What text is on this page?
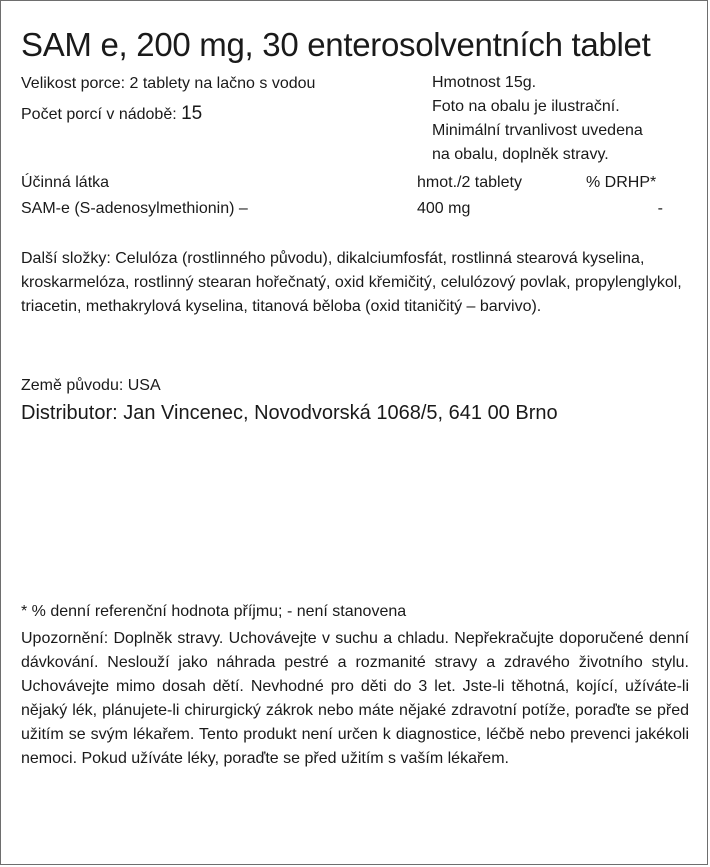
SAM e, 200 mg, 30 enterosolventních tablet
Velikost porce: 2 tablety na lačno s vodou
Počet porcí v nádobě: 15
Hmotnost 15g.
Foto na obalu je ilustrační.
Minimální trvanlivost uvedena
na obalu, doplněk stravy.
Účinná látka	hmot./2 tablety	% DRHP*
SAM-e (S-adenosylmethionin) –	400 mg	-
Další složky: Celulóza (rostlinného původu), dikalciumfosfát, rostlinná stearová kyselina, kroskarmelóza, rostlinný stearan hořečnatý, oxid křemičitý, celulózový povlak, propylenglykol, triacetin, methakrylová kyselina, titanová běloba (oxid titaničitý – barvivo).
Země původu: USA
Distributor: Jan Vincenec, Novodvorská 1068/5, 641 00 Brno
* % denní referenční hodnota příjmu; - není stanovena
Upozornění: Doplněk stravy. Uchovávejte v suchu a chladu. Nepřekračujte doporučené denní dávkování. Neslouží jako náhrada pestré a rozmanité stravy a zdravého životního stylu. Uchovávejte mimo dosah dětí. Nevhodné pro děti do 3 let. Jste-li těhotná, kojící, užíváte-li nějaký lék, plánujete-li chirurgický zákrok nebo máte nějaké zdravotní potíže, poraďte se před užitím se svým lékařem. Tento produkt není určen k diagnostice, léčbě nebo prevenci jakékoli nemoci. Pokud užíváte léky, poraďte se před užitím s vaším lékařem.
